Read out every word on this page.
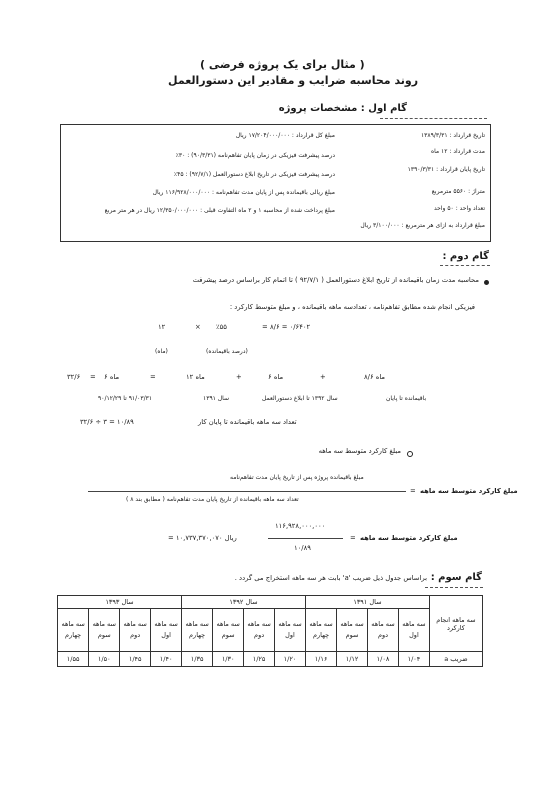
( مثال برای یک پروژه فرضی )
روند محاسبه ضرایب و مقادیر این دستورالعمل
گام اول : مشخصات پروژه
تاریخ قرارداد : ۱۳۸۹/۳/۳۱
مدت قرارداد : ۱۲ ماه
تاریخ پایان قرارداد : ۱۳۹۰/۳/۳۱
متراژ : ۵۵۶۰ مترمربع
تعداد واحد : ۵۰ واحد
مبلغ قرارداد به ازای هر مترمربع : ۳/۱۰۰/۰۰۰ ریال
مبلغ کل قرارداد : ۱۷/۲۰۴/۰۰۰/۰۰۰ ریال
درصد پیشرفت فیزیکی در زمان پایان تفاهم‌نامه (۹۰/۳/۳۱) : ۳۰٪
درصد پیشرفت فیزیکی در تاریخ ابلاغ دستورالعمل (۹۲/۷/۱) : ۴۵٪
مبلغ ریالی باقیمانده پس از پایان مدت تفاهم‌نامه : ۱۱۶/۹۲۸/۰۰۰/۰۰۰ ریال
مبلغ پرداخت شده از محاسبه ۱ و ۲ ماه التفاوت قبلی : ۱۲/۳۵۰/۰۰۰/۰۰۰ ریال در هر متر مربع
گام دوم :
محاسبه مدت زمان باقیمانده از تاریخ ابلاغ دستورالعمل ( ۹۲/۷/۱ ) تا اتمام کار براساس درصد پیشرفت
فیزیکی انجام شده مطابق تفاهم‌نامه ، تعدادسه ماهه باقیمانده ، و مبلغ متوسط کارکرد :
۸/۶ = ۰/۶۴۰۲
=
٪۵۵
×
۱۲
(درصد باقیمانده)
(ماه)
۳۲/۶ = ۶ ماه	=	۱۲ ماه	+	۶ ماه	+	ماه ۸/۶
باقیمانده تا پایان
سال ۱۳۹۲ تا ابلاغ دستورالعمل
سال ۱۳۹۱
۹۱/۰۳/۳۱ تا ۹۰/۱۲/۲۹
۳۲/۶ ÷ ۳ = ۱۰/۸۹	تعداد سه ماهه باقیمانده تا پایان کار
مبلغ کارکرد متوسط سه ماهه
مبلغ باقیمانده پروژه پس از تاریخ پایان مدت تفاهم‌نامه
تعداد سه ماهه باقیمانده از تاریخ پایان مدت تفاهم‌نامه ( مطابق بند ۸ )
= مبلغ کارکرد متوسط سه ماهه
۱۱۶,۹۲۸,۰۰۰,۰۰۰
۱۰/۸۹
= ۱۰,۷۳۷,۳۷۰,۰۷۰ ریال	= مبلغ کارکرد متوسط سه ماهه
گام سوم :
براساس جدول ذیل ضریب 'a' بابت هر سه ماهه استخراج می گردد .
سه ماهه انجام کارکرد	سال ۱۳۹۱				سال ۱۳۹۲				سال ۱۳۹۳			
	سه ماهه اول	سه ماهه دوم	سه ماهه سوم	سه ماهه چهارم	سه ماهه اول	سه ماهه دوم	سه ماهه سوم	سه ماهه چهارم	سه ماهه اول	سه ماهه دوم	سه ماهه سوم	سه ماهه چهارم
ضریب a	۱/۰۴	۱/۰۸	۱/۱۲	۱/۱۶	۱/۲۰	۱/۲۵	۱/۳۰	۱/۳۵	۱/۴۰	۱/۴۵	۱/۵۰	۱/۵۵
